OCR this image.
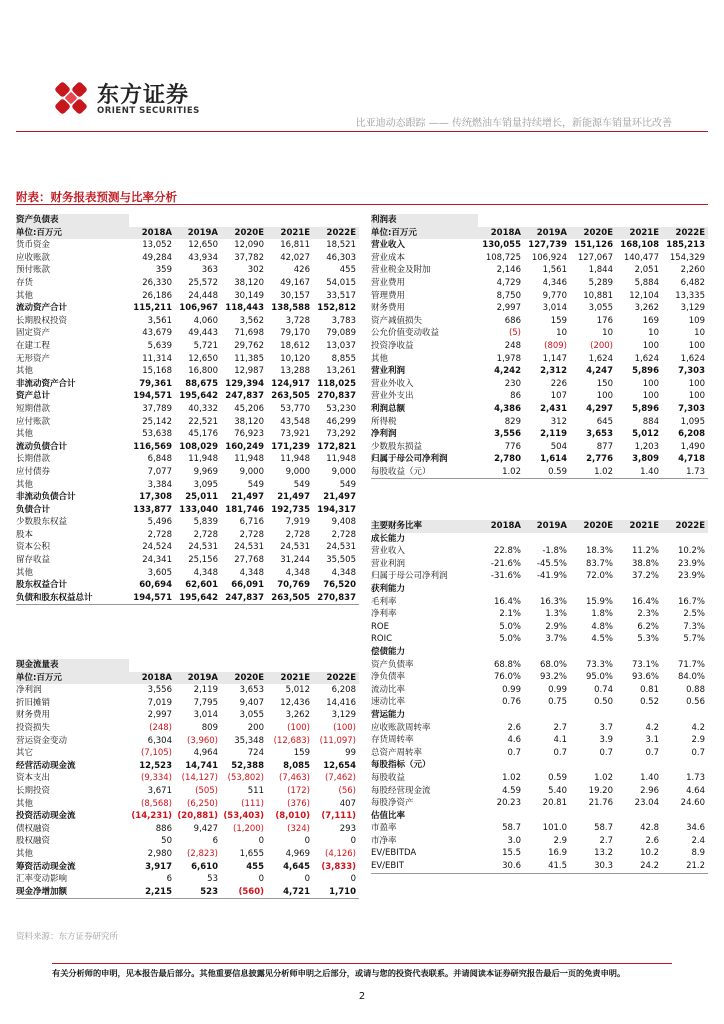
东方证券
ORIENT SECURITIES
比亚迪动态跟踪 —— 传统燃油车销量持续增长，新能源车销量环比改善
附表：财务报表预测与比率分析
资产负债表					
单位:百万元	2018A	2019A	2020E	2021E	2022E
货币资金	13,052	12,650	12,090	16,811	18,521
应收账款	49,284	43,934	37,782	42,027	46,303
预付账款	359	363	302	426	455
存货	26,330	25,572	38,120	49,167	54,015
其他	26,186	24,448	30,149	30,157	33,517
流动资产合计	115,211	106,967	118,443	138,588	152,812
长期股权投资	3,561	4,060	3,562	3,728	3,783
固定资产	43,679	49,443	71,698	79,170	79,089
在建工程	5,639	5,721	29,762	18,612	13,037
无形资产	11,314	12,650	11,385	10,120	8,855
其他	15,168	16,800	12,987	13,288	13,261
非流动资产合计	79,361	88,675	129,394	124,917	118,025
资产总计	194,571	195,642	247,837	263,505	270,837
短期借款	37,789	40,332	45,206	53,770	53,230
应付账款	25,142	22,521	38,120	43,548	46,299
其他	53,638	45,176	76,923	73,921	73,292
流动负债合计	116,569	108,029	160,249	171,239	172,821
长期借款	6,848	11,948	11,948	11,948	11,948
应付债券	7,077	9,969	9,000	9,000	9,000
其他	3,384	3,095	549	549	549
非流动负债合计	17,308	25,011	21,497	21,497	21,497
负债合计	133,877	133,040	181,746	192,735	194,317
少数股东权益	5,496	5,839	6,716	7,919	9,408
股本	2,728	2,728	2,728	2,728	2,728
资本公积	24,524	24,531	24,531	24,531	24,531
留存收益	24,341	25,156	27,768	31,244	35,505
其他	3,605	4,348	4,348	4,348	4,348
股东权益合计	60,694	62,601	66,091	70,769	76,520
负债和股东权益总计	194,571	195,642	247,837	263,505	270,837
现金流量表					
单位:百万元	2018A	2019A	2020E	2021E	2022E
净利润	3,556	2,119	3,653	5,012	6,208
折旧摊销	7,019	7,795	9,407	12,436	14,416
财务费用	2,997	3,014	3,055	3,262	3,129
投资损失	(248)	809	200	(100)	(100)
营运资金变动	6,304	(3,960)	35,348	(12,683)	(11,097)
其它	(7,105)	4,964	724	159	99
经营活动现金流	12,523	14,741	52,388	8,085	12,654
资本支出	(9,334)	(14,127)	(53,802)	(7,463)	(7,462)
长期投资	3,671	(505)	511	(172)	(56)
其他	(8,568)	(6,250)	(111)	(376)	407
投资活动现金流	(14,231)	(20,881)	(53,403)	(8,010)	(7,111)
债权融资	886	9,427	(1,200)	(324)	293
股权融资	50	6	0	0	0
其他	2,980	(2,823)	1,655	4,969	(4,126)
筹资活动现金流	3,917	6,610	455	4,645	(3,833)
汇率变动影响	6	53	0	0	0
现金净增加额	2,215	523	(560)	4,721	1,710
利润表					
单位:百万元	2018A	2019A	2020E	2021E	2022E
营业收入	130,055	127,739	151,126	168,108	185,213
营业成本	108,725	106,924	127,067	140,477	154,329
营业税金及附加	2,146	1,561	1,844	2,051	2,260
营业费用	4,729	4,346	5,289	5,884	6,482
管理费用	8,750	9,770	10,881	12,104	13,335
财务费用	2,997	3,014	3,055	3,262	3,129
资产减值损失	686	159	176	169	109
公允价值变动收益	(5)	10	10	10	10
投资净收益	248	(809)	(200)	100	100
其他	1,978	1,147	1,624	1,624	1,624
营业利润	4,242	2,312	4,247	5,896	7,303
营业外收入	230	226	150	100	100
营业外支出	86	107	100	100	100
利润总额	4,386	2,431	4,297	5,896	7,303
所得税	829	312	645	884	1,095
净利润	3,556	2,119	3,653	5,012	6,208
少数股东损益	776	504	877	1,203	1,490
归属于母公司净利润	2,780	1,614	2,776	3,809	4,718
每股收益（元）	1.02	0.59	1.02	1.40	1.73
主要财务比率	2018A	2019A	2020E	2021E	2022E
成长能力					
营业收入	22.8%	-1.8%	18.3%	11.2%	10.2%
营业利润	-21.6%	-45.5%	83.7%	38.8%	23.9%
归属于母公司净利润	-31.6%	-41.9%	72.0%	37.2%	23.9%
获利能力					
毛利率	16.4%	16.3%	15.9%	16.4%	16.7%
净利率	2.1%	1.3%	1.8%	2.3%	2.5%
ROE	5.0%	2.9%	4.8%	6.2%	7.3%
ROIC	5.0%	3.7%	4.5%	5.3%	5.7%
偿债能力					
资产负债率	68.8%	68.0%	73.3%	73.1%	71.7%
净负债率	76.0%	93.2%	95.0%	93.6%	84.0%
流动比率	0.99	0.99	0.74	0.81	0.88
速动比率	0.76	0.75	0.50	0.52	0.56
营运能力					
应收账款周转率	2.6	2.7	3.7	4.2	4.2
存货周转率	4.6	4.1	3.9	3.1	2.9
总资产周转率	0.7	0.7	0.7	0.7	0.7
每股指标（元）					
每股收益	1.02	0.59	1.02	1.40	1.73
每股经营现金流	4.59	5.40	19.20	2.96	4.64
每股净资产	20.23	20.81	21.76	23.04	24.60
估值比率					
市盈率	58.7	101.0	58.7	42.8	34.6
市净率	3.0	2.9	2.7	2.6	2.4
EV/EBITDA	15.5	16.9	13.2	10.2	8.9
EV/EBIT	30.6	41.5	30.3	24.2	21.2
资料来源：东方证券研究所
有关分析师的申明，见本报告最后部分。其他重要信息披露见分析师申明之后部分，或请与您的投资代表联系。并请阅读本证券研究报告最后一页的免责申明。
2
